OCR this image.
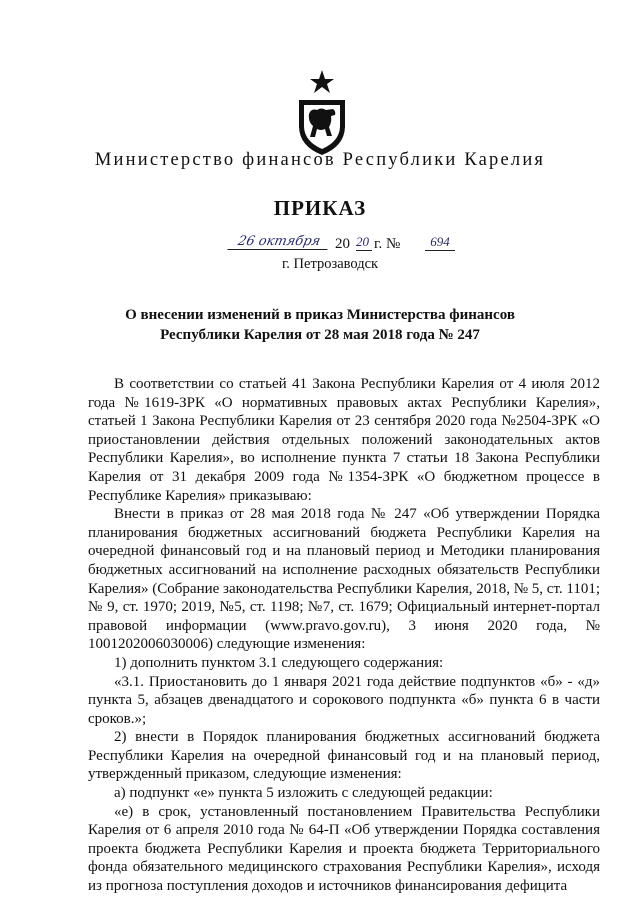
Министерство финансов Республики Карелия
ПРИКАЗ
26 октября 20 20 г. №	694
г. Петрозаводск
О внесении изменений в приказ Министерства финансов Республики Карелия от 28 мая 2018 года № 247

В соответствии со статьей 41 Закона Республики Карелия от 4 июля 2012 года №1619-ЗРК «О нормативных правовых актах Республики Карелия», статьей 1 Закона Республики Карелия от 23 сентября 2020 года №2504-ЗРК «О приостановлении действия отдельных положений законодательных актов Республики Карелия», во исполнение пункта 7 статьи 18 Закона Республики Карелия от 31 декабря 2009 года №1354-ЗРК «О бюджетном процессе в Республике Карелия» приказываю:

Внести в приказ от 28 мая 2018 года № 247 «Об утверждении Порядка планирования бюджетных ассигнований бюджета Республики Карелия на очередной финансовый год и на плановый период и Методики планирования бюджетных ассигнований на исполнение расходных обязательств Республики Карелия» (Собрание законодательства Республики Карелия, 2018, № 5, ст. 1101; № 9, ст. 1970; 2019, №5, ст. 1198; №7, ст. 1679; Официальный интернет-портал правовой информации (www.pravo.gov.ru), 3 июня 2020 года, № 1001202006030006) следующие изменения:

1) дополнить пунктом 3.1 следующего содержания:

«3.1. Приостановить до 1 января 2021 года действие подпунктов «б» - «д» пункта 5, абзацев двенадцатого и сорокового подпункта «б» пункта 6 в части сроков.»;

2) внести в Порядок планирования бюджетных ассигнований бюджета Республики Карелия на очередной финансовый год и на плановый период, утвержденный приказом, следующие изменения:

а) подпункт «е» пункта 5 изложить с следующей редакции:

«е) в срок, установленный постановлением Правительства Республики Карелия от 6 апреля 2010 года № 64-П «Об утверждении Порядка составления проекта бюджета Республики Карелия и проекта бюджета Территориального фонда обязательного медицинского страхования Республики Карелия», исходя из прогноза поступления доходов и источников финансирования дефицита
